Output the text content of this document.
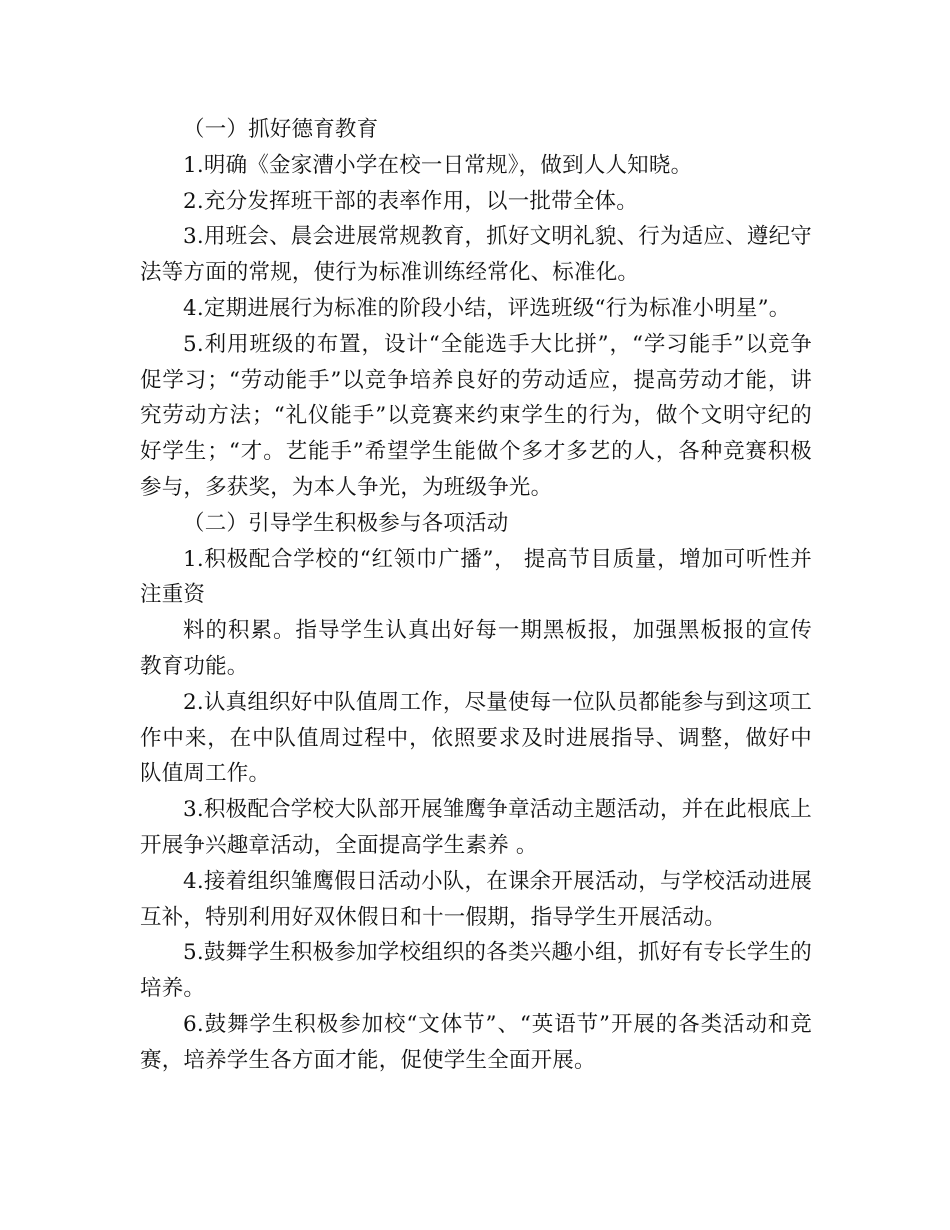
（一）抓好德育教育

1.明确《金家漕小学在校一日常规》，做到人人知晓。

2.充分发挥班干部的表率作用，以一批带全体。

3.用班会、晨会进展常规教育，抓好文明礼貌、行为适应、遵纪守法等方面的常规，使行为标准训练经常化、标准化。

4.定期进展行为标准的阶段小结，评选班级“行为标准小明星”。

5.利用班级的布置，设计“全能选手大比拼”，“学习能手”以竞争促学习；“劳动能手”以竞争培养良好的劳动适应，提高劳动才能，讲究劳动方法；“礼仪能手”以竞赛来约束学生的行为，做个文明守纪的好学生；“才。艺能手”希望学生能做个多才多艺的人，各种竞赛积极参与，多获奖，为本人争光，为班级争光。

（二）引导学生积极参与各项活动

1.积极配合学校的“红领巾广播”， 提高节目质量，增加可听性并注重资

料的积累。指导学生认真出好每一期黑板报，加强黑板报的宣传教育功能。

2.认真组织好中队值周工作，尽量使每一位队员都能参与到这项工作中来，在中队值周过程中，依照要求及时进展指导、调整，做好中队值周工作。

3.积极配合学校大队部开展雏鹰争章活动主题活动，并在此根底上开展争兴趣章活动，全面提高学生素养 。

4.接着组织雏鹰假日活动小队，在课余开展活动，与学校活动进展互补，特别利用好双休假日和十一假期，指导学生开展活动。

5.鼓舞学生积极参加学校组织的各类兴趣小组，抓好有专长学生的培养。

6.鼓舞学生积极参加校“文体节”、“英语节”开展的各类活动和竞赛，培养学生各方面才能，促使学生全面开展。
